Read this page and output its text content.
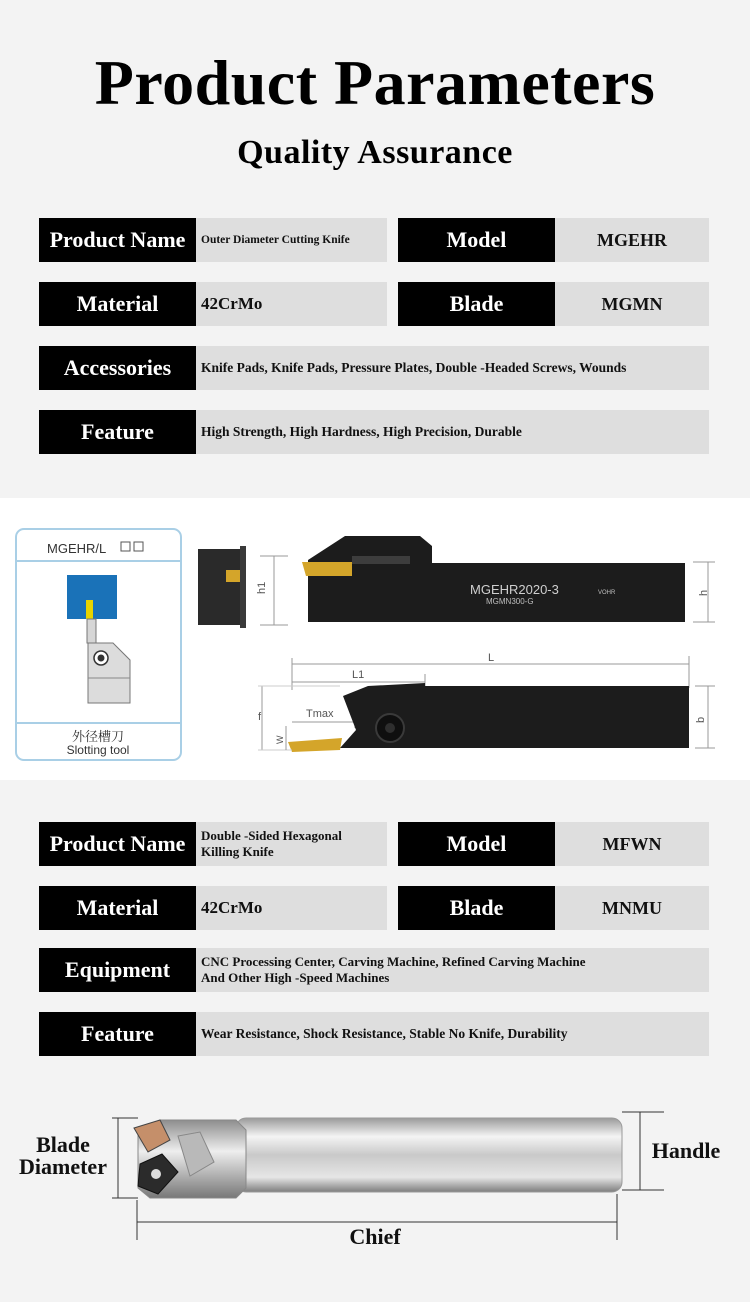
Product Parameters
Quality Assurance
Product Name	Outer Diameter Cutting Knife	Model	MGEHR
Material	42CrMo	Blade	MGMN
Accessories	Knife Pads, Knife Pads, Pressure Plates, Double -Headed Screws, Wounds
Feature	High Strength, High Hardness, High Precision, Durable
MGEHR/L
外径槽刀
Slotting tool
h1	MGEHR2020-3
MGMN300-G
VOHR	h
L
L1
Tmax
f
W
b
Product Name	Double -Sided Hexagonal
Killing Knife	Model	MFWN
Material	42CrMo	Blade	MNMU
Equipment	CNC Processing Center, Carving Machine, Refined Carving Machine
And Other High -Speed Machines
Feature	Wear Resistance, Shock Resistance, Stable No Knife, Durability
Blade
Diameter
Handle
Chief
